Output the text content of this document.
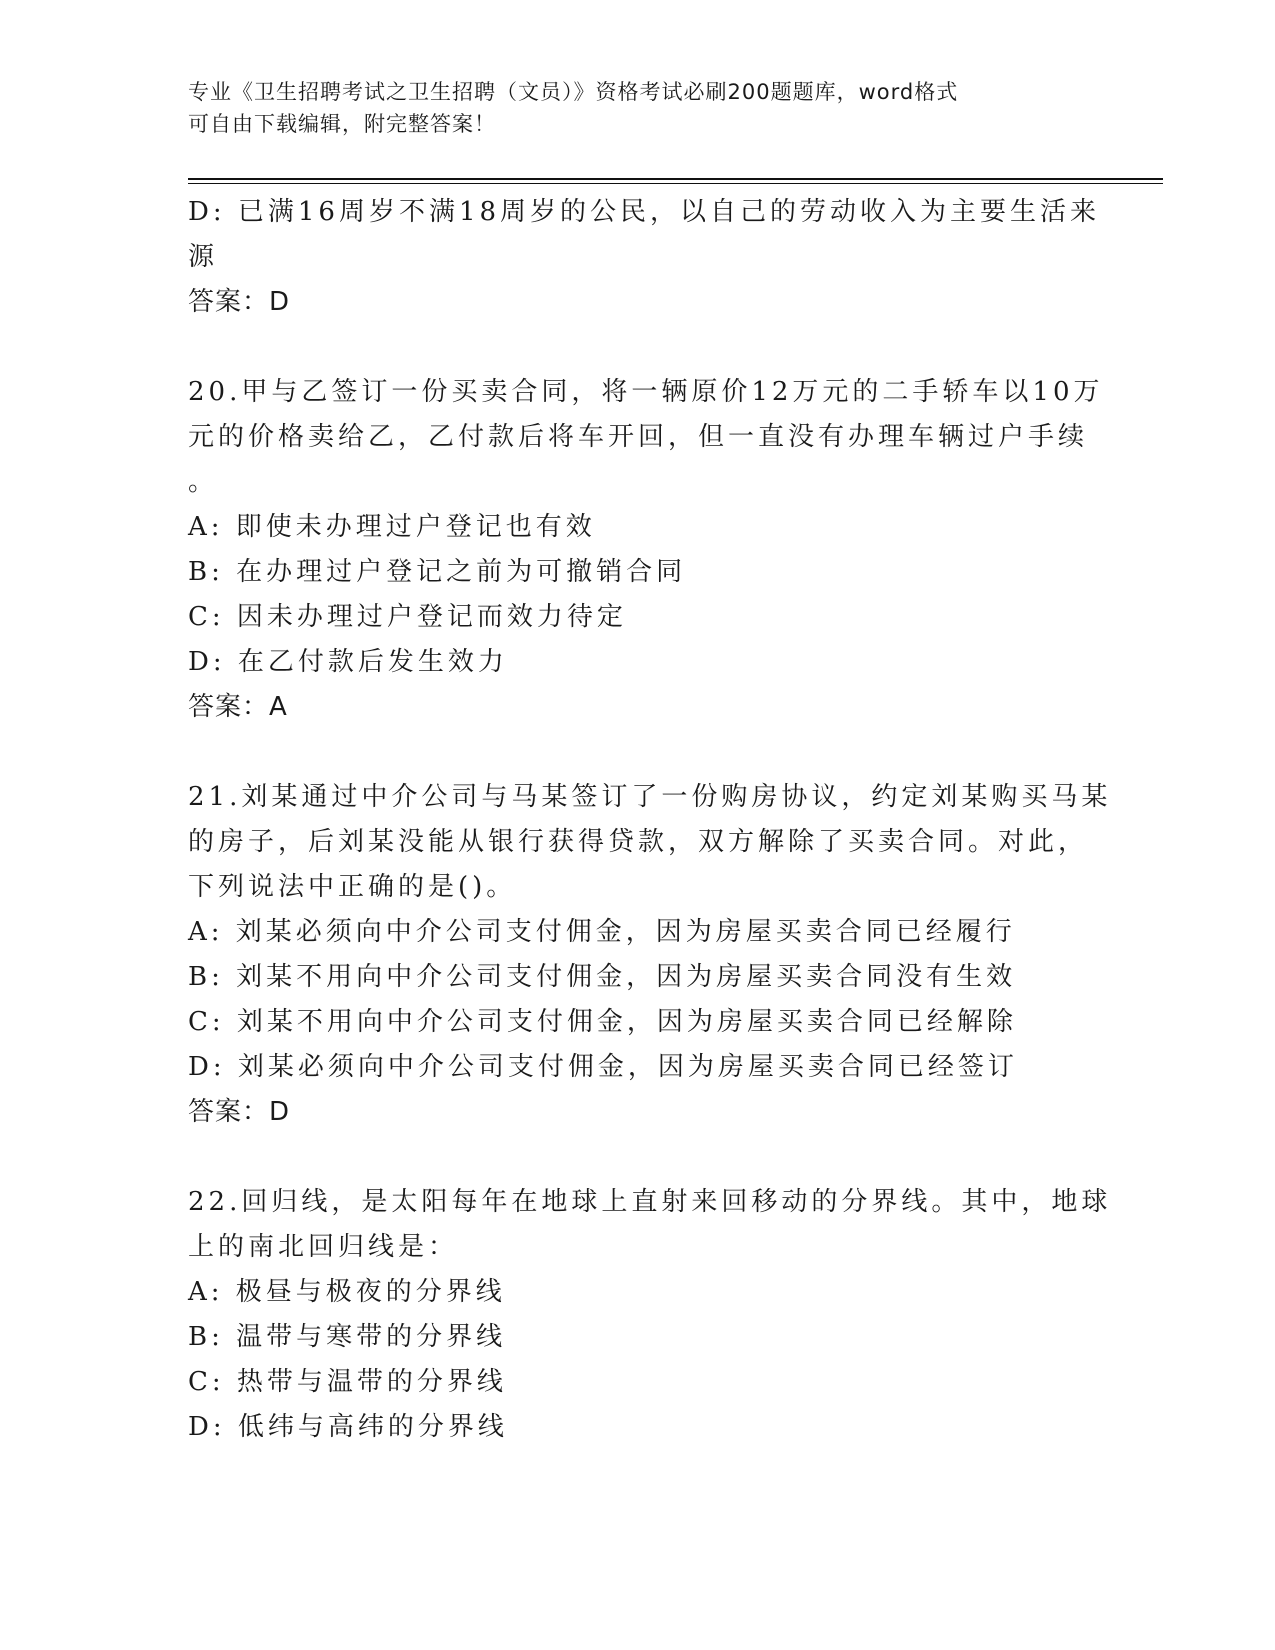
专业《卫生招聘考试之卫生招聘（文员）》资格考试必刷200题题库，word格式
可自由下载编辑，附完整答案！
D: 已满16周岁不满18周岁的公民，以自己的劳动收入为主要生活来
源
答案：D
20.甲与乙签订一份买卖合同，将一辆原价12万元的二手轿车以10万
元的价格卖给乙，乙付款后将车开回，但一直没有办理车辆过户手续
。
A: 即使未办理过户登记也有效
B: 在办理过户登记之前为可撤销合同
C: 因未办理过户登记而效力待定
D: 在乙付款后发生效力
答案：A
21.刘某通过中介公司与马某签订了一份购房协议，约定刘某购买马某
的房子，后刘某没能从银行获得贷款，双方解除了买卖合同。对此，
下列说法中正确的是()。
A: 刘某必须向中介公司支付佣金，因为房屋买卖合同已经履行
B: 刘某不用向中介公司支付佣金，因为房屋买卖合同没有生效
C: 刘某不用向中介公司支付佣金，因为房屋买卖合同已经解除
D: 刘某必须向中介公司支付佣金，因为房屋买卖合同已经签订
答案：D
22.回归线，是太阳每年在地球上直射来回移动的分界线。其中，地球
上的南北回归线是：
A: 极昼与极夜的分界线
B: 温带与寒带的分界线
C: 热带与温带的分界线
D: 低纬与高纬的分界线
